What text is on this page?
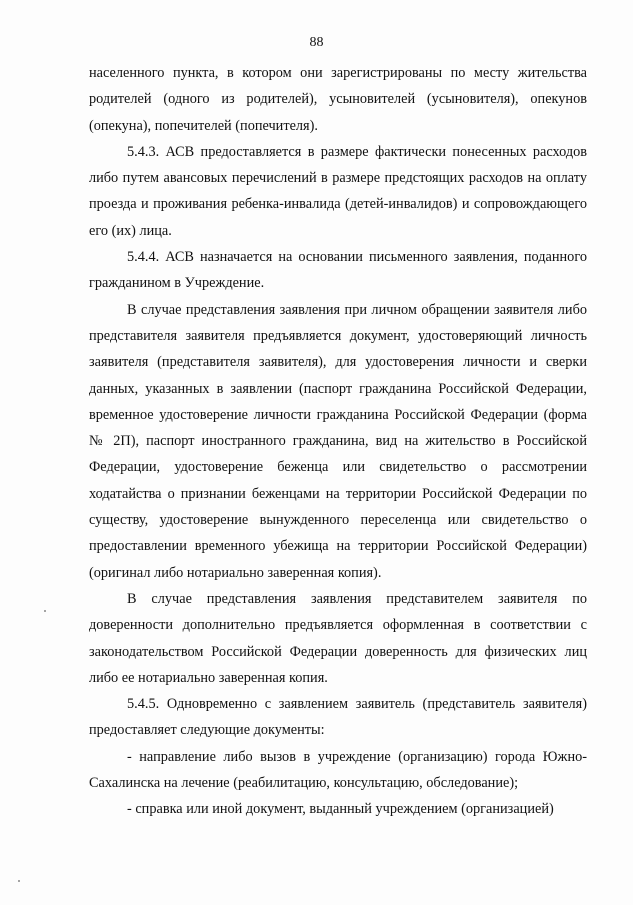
88

населенного пункта, в котором они зарегистрированы по месту жительства родителей (одного из родителей), усыновителей (усыновителя), опекунов (опекуна), попечителей (попечителя).

5.4.3. АСВ предоставляется в размере фактически понесенных расходов либо путем авансовых перечислений в размере предстоящих расходов на оплату проезда и проживания ребенка-инвалида (детей-инвалидов) и сопровождающего его (их) лица.

5.4.4. АСВ назначается на основании письменного заявления, поданного гражданином в Учреждение.

В случае представления заявления при личном обращении заявителя либо представителя заявителя предъявляется документ, удостоверяющий личность заявителя (представителя заявителя), для удостоверения личности и сверки данных, указанных в заявлении (паспорт гражданина Российской Федерации, временное удостоверение личности гражданина Российской Федерации (форма № 2П), паспорт иностранного гражданина, вид на жительство в Российской Федерации, удостоверение беженца или свидетельство о рассмотрении ходатайства о признании беженцами на территории Российской Федерации по существу, удостоверение вынужденного переселенца или свидетельство о предоставлении временного убежища на территории Российской Федерации) (оригинал либо нотариально заверенная копия).

В случае представления заявления представителем заявителя по доверенности дополнительно предъявляется оформленная в соответствии с законодательством Российской Федерации доверенность для физических лиц либо ее нотариально заверенная копия.

5.4.5. Одновременно с заявлением заявитель (представитель заявителя) предоставляет следующие документы:

- направление либо вызов в учреждение (организацию) города Южно-Сахалинска на лечение (реабилитацию, консультацию, обследование);

- справка или иной документ, выданный учреждением (организацией)
